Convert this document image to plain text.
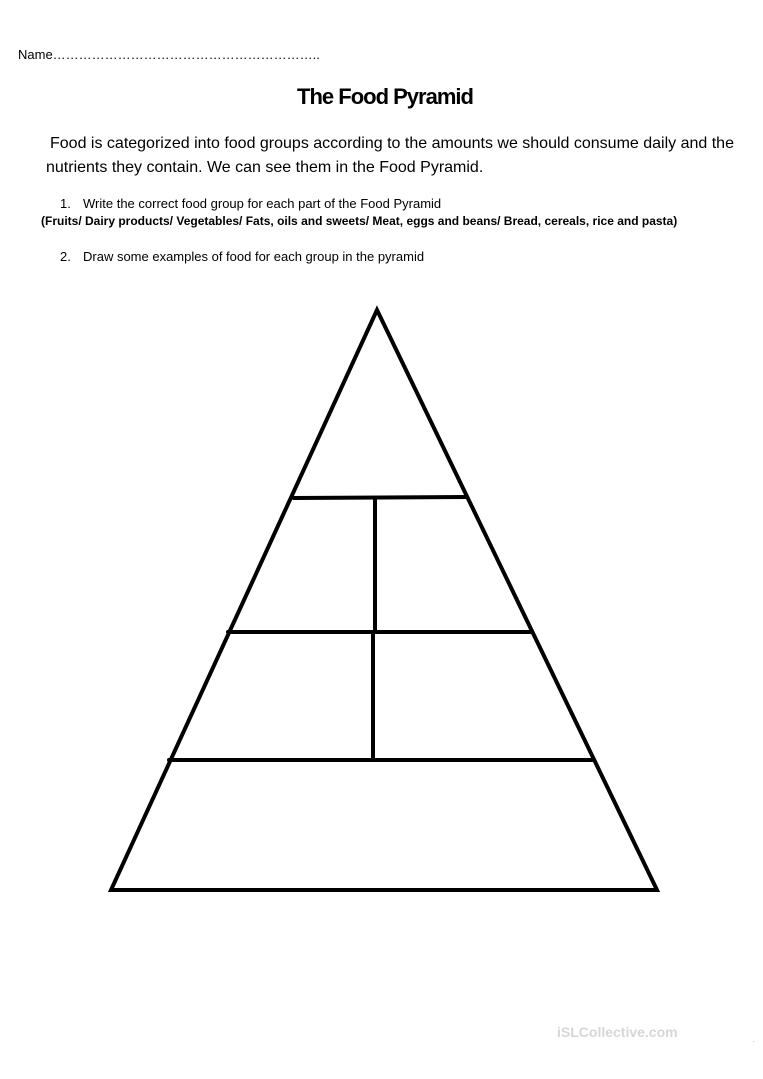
Name……………………………………………………..
The Food Pyramid
Food is categorized into food groups according to the amounts we should consume daily and the nutrients they contain. We can see them in the Food Pyramid.
1. Write the correct food group for each part of the Food Pyramid
(Fruits/ Dairy products/ Vegetables/ Fats, oils and sweets/ Meat, eggs and beans/ Bread, cereals, rice and pasta)
2. Draw some examples of food for each group in the pyramid
iSLCollective.com
·
